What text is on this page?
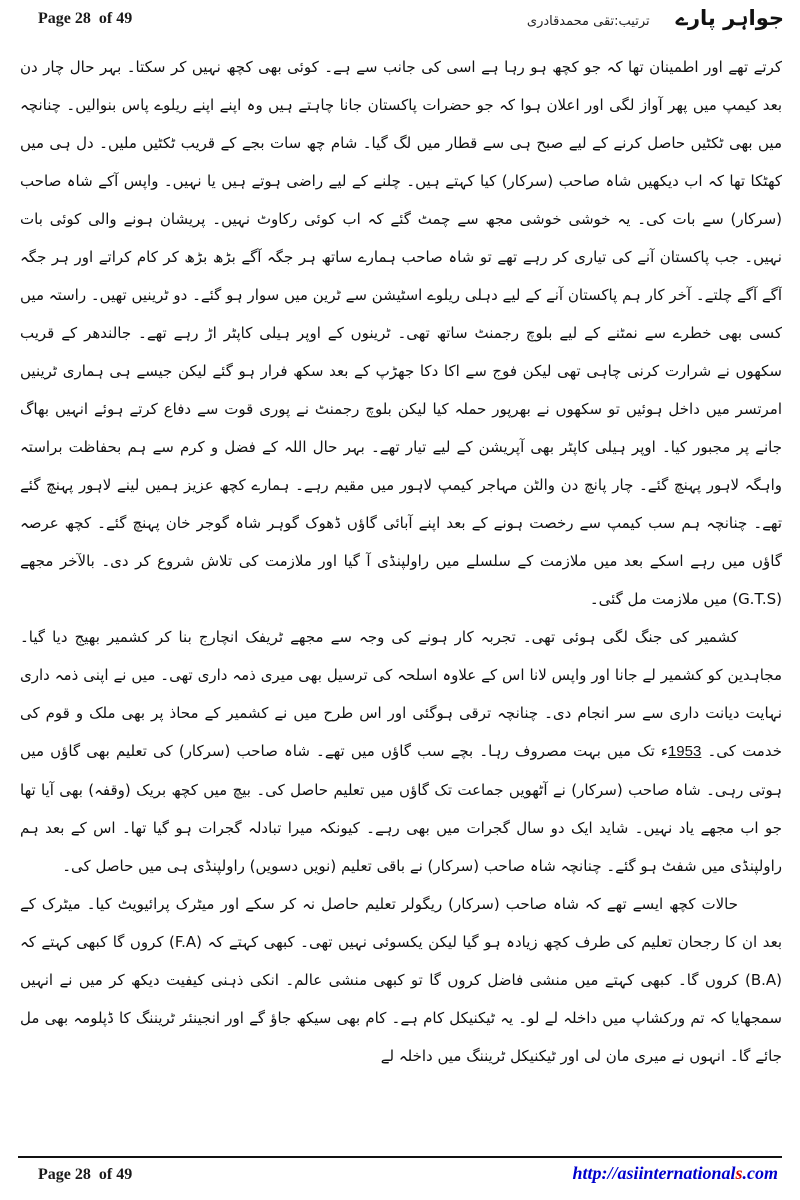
Page 28  of 49	جواہر پارے
ترتیب:تقی محمدقادری

کرتے تھے اور اطمینان تھا کہ جو کچھ ہو رہا ہے اسی کی جانب سے ہے۔ کوئی بھی کچھ نہیں کر سکتا۔ بہر حال چار دن بعد کیمپ میں پھر آواز لگی اور اعلان ہوا کہ جو حضرات پاکستان جانا چاہتے ہیں وہ اپنے اپنے ریلوے پاس بنوالیں۔ چنانچہ میں بھی ٹکٹیں حاصل کرنے کے لیے صبح ہی سے قطار میں لگ گیا۔ شام چھ سات بجے کے قریب ٹکٹیں ملیں۔ دل ہی میں کھٹکا تھا کہ اب دیکھیں شاہ صاحب (سرکار) کیا کہتے ہیں۔ چلنے کے لیے راضی ہوتے ہیں یا نہیں۔ واپس آکے شاہ صاحب (سرکار) سے بات کی۔ یہ خوشی خوشی مجھ سے چمٹ گئے کہ اب کوئی رکاوٹ نہیں۔ پریشان ہونے والی کوئی بات نہیں۔ جب پاکستان آنے کی تیاری کر رہے تھے تو شاہ صاحب ہمارے ساتھ ہر جگہ آگے بڑھ بڑھ کر کام کراتے اور ہر جگہ آگے آگے چلتے۔ آخر کار ہم پاکستان آنے کے لیے دہلی ریلوے اسٹیشن سے ٹرین میں سوار ہو گئے۔ دو ٹرینیں تھیں۔ راستہ میں کسی بھی خطرے سے نمٹنے کے لیے بلوچ رجمنٹ ساتھ تھی۔ ٹرینوں کے اوپر ہیلی کاپٹر اڑ رہے تھے۔ جالندھر کے قریب سکھوں نے شرارت کرنی چاہی تھی لیکن فوج سے اکا دکا جھڑپ کے بعد سکھ فرار ہو گئے لیکن جیسے ہی ہماری ٹرینیں امرتسر میں داخل ہوئیں تو سکھوں نے بھرپور حملہ کیا لیکن بلوچ رجمنٹ نے پوری قوت سے دفاع کرتے ہوئے انہیں بھاگ جانے پر مجبور کیا۔ اوپر ہیلی کاپٹر بھی آپریشن کے لیے تیار تھے۔ بہر حال اللہ کے فضل و کرم سے ہم بحفاظت براستہ واہگہ لاہور پہنچ گئے۔ چار پانچ دن والٹن مہاجر کیمپ لاہور میں مقیم رہے۔ ہمارے کچھ عزیز ہمیں لینے لاہور پہنچ گئے تھے۔ چنانچہ ہم سب کیمپ سے رخصت ہونے کے بعد اپنے آبائی گاؤں ڈھوک گوہر شاہ گوجر خان پہنچ گئے۔ کچھ عرصہ گاؤں میں رہے اسکے بعد میں ملازمت کے سلسلے میں راولپنڈی آ گیا اور ملازمت کی تلاش شروع کر دی۔ بالآخر مجھے (G.T.S) میں ملازمت مل گئی۔

کشمیر کی جنگ لگی ہوئی تھی۔ تجربہ کار ہونے کی وجہ سے مجھے ٹریفک انچارج بنا کر کشمیر بھیج دیا گیا۔ مجاہدین کو کشمیر لے جانا اور واپس لانا اس کے علاوہ اسلحہ کی ترسیل بھی میری ذمہ داری تھی۔ میں نے اپنی ذمہ داری نہایت دیانت داری سے سر انجام دی۔ چنانچہ ترقی ہوگئی اور اس طرح میں نے کشمیر کے محاذ پر بھی ملک و قوم کی خدمت کی۔ 1953ء تک میں بہت مصروف رہا۔ بچے سب گاؤں میں تھے۔ شاہ صاحب (سرکار) کی تعلیم بھی گاؤں میں ہوتی رہی۔ شاہ صاحب (سرکار) نے آٹھویں جماعت تک گاؤں میں تعلیم حاصل کی۔ بیچ میں کچھ بریک (وقفہ) بھی آیا تھا جو اب مجھے یاد نہیں۔ شاید ایک دو سال گجرات میں بھی رہے۔ کیونکہ میرا تبادلہ گجرات ہو گیا تھا۔ اس کے بعد ہم راولپنڈی میں شفٹ ہو گئے۔ چنانچہ شاہ صاحب (سرکار) نے باقی تعلیم (نویں دسویں) راولپنڈی ہی میں حاصل کی۔

حالات کچھ ایسے تھے کہ شاہ صاحب (سرکار) ریگولر تعلیم حاصل نہ کر سکے اور میٹرک پرائیویٹ کیا۔ میٹرک کے بعد ان کا رجحان تعلیم کی طرف کچھ زیادہ ہو گیا لیکن یکسوئی نہیں تھی۔ کبھی کہتے کہ (F.A) کروں گا کبھی کہتے کہ (B.A) کروں گا۔ کبھی کہتے میں منشی فاضل کروں گا تو کبھی منشی عالم۔ انکی ذہنی کیفیت دیکھ کر میں نے انہیں سمجھایا کہ تم ورکشاپ میں داخلہ لے لو۔ یہ ٹیکنیکل کام ہے۔ کام بھی سیکھ جاؤ گے اور انجینئر ٹریننگ کا ڈپلومہ بھی مل جائے گا۔ انہوں نے میری مان لی اور ٹیکنیکل ٹریننگ میں داخلہ لے

Page 28  of 49	http://asiinternationals.com
